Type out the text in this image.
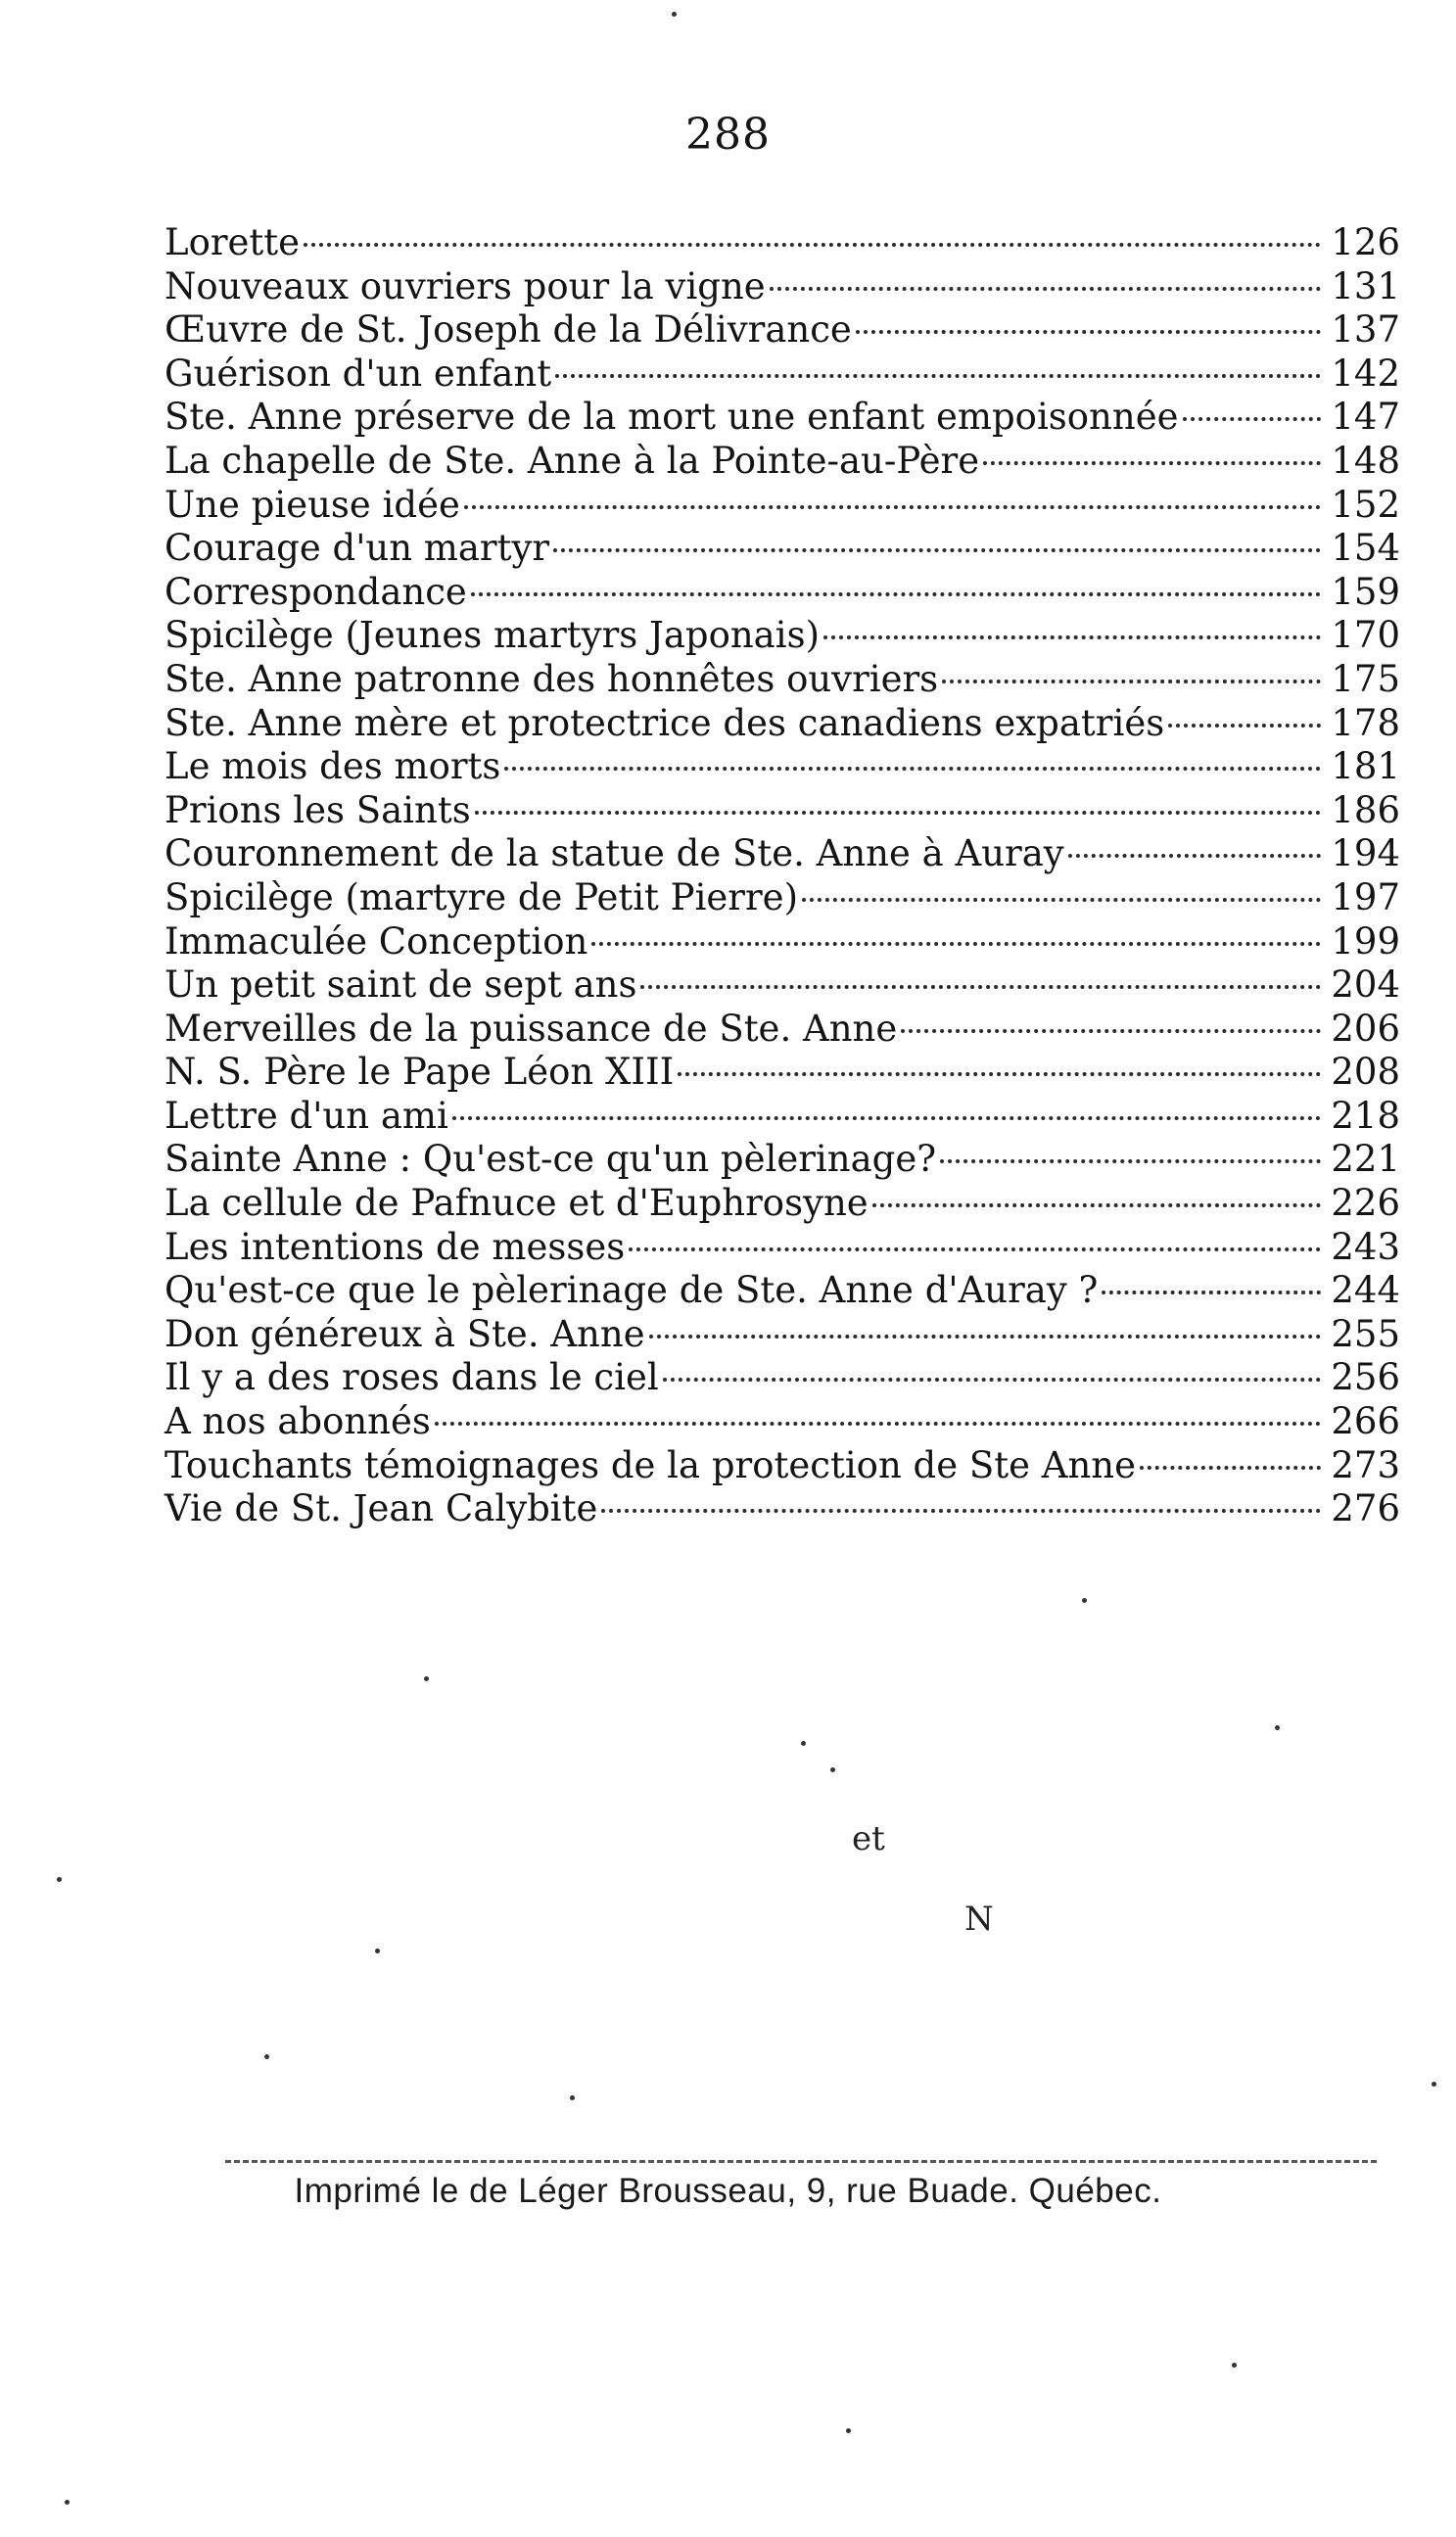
288
Lorette	126
Nouveaux ouvriers pour la vigne	131
Œuvre de St. Joseph de la Délivrance	137
Guérison d'un enfant	142
Ste. Anne préserve de la mort une enfant empoisonnée	147
La chapelle de Ste. Anne à la Pointe-au-Père	148
Une pieuse idée	152
Courage d'un martyr	154
Correspondance	159
Spicilège (Jeunes martyrs Japonais)	170
Ste. Anne patronne des honnêtes ouvriers	175
Ste. Anne mère et protectrice des canadiens expatriés	178
Le mois des morts	181
Prions les Saints	186
Couronnement de la statue de Ste. Anne à Auray	194
Spicilège (martyre de Petit Pierre)	197
Immaculée Conception	199
Un petit saint de sept ans	204
Merveilles de la puissance de Ste. Anne	206
N. S. Père le Pape Léon XIII	208
Lettre d'un ami	218
Sainte Anne : Qu'est-ce qu'un pèlerinage?	221
La cellule de Pafnuce et d'Euphrosyne	226
Les intentions de messes	243
Qu'est-ce que le pèlerinage de Ste. Anne d'Auray ?	244
Don généreux à Ste. Anne	255
Il y a des roses dans le ciel	256
A nos abonnés	266
Touchants témoignages de la protection de Ste Anne	273
Vie de St. Jean Calybite	276
et
N
Imprimé le de Léger Brousseau, 9, rue Buade. Québec.
